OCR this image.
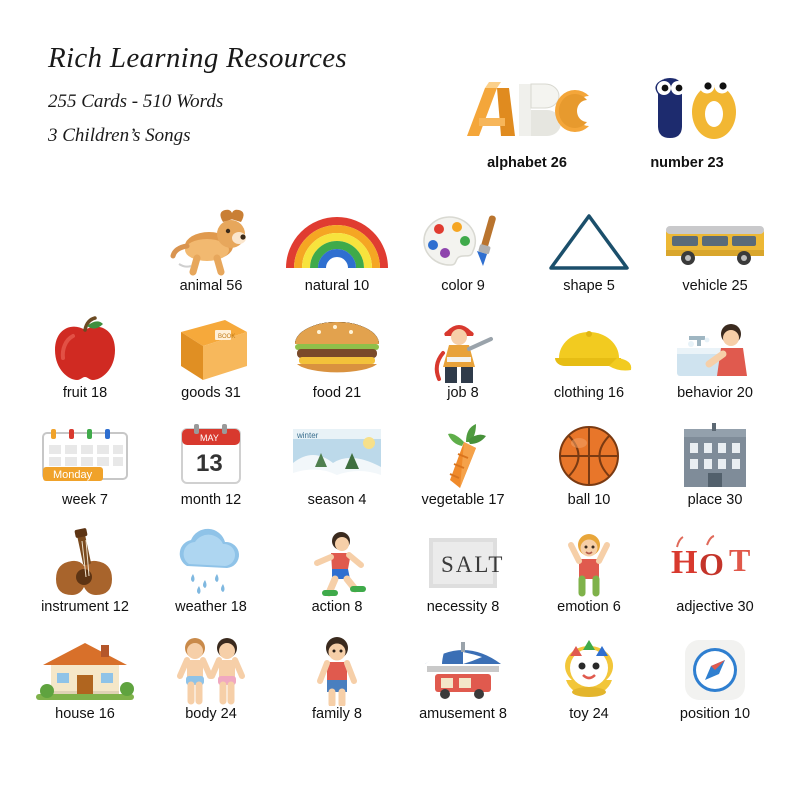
Rich Learning Resources
255 Cards - 510 Words
3 Children’s Songs
alphabet 26	number 23
animal 56	natural 10	color 9	shape 5	vehicle 25
fruit 18
BOOK
goods 31	food 21	job 8	clothing 16	behavior 20
Monday
week 7
MAY
13
month 12
winter
season 4	vegetable 17	ball 10	place 30
instrument 12	weather 18	action 8
SALT
necessity 8	emotion 6
H O T
adjective 30
house 16	body 24	family 8	amusement 8	toy 24	position 10
